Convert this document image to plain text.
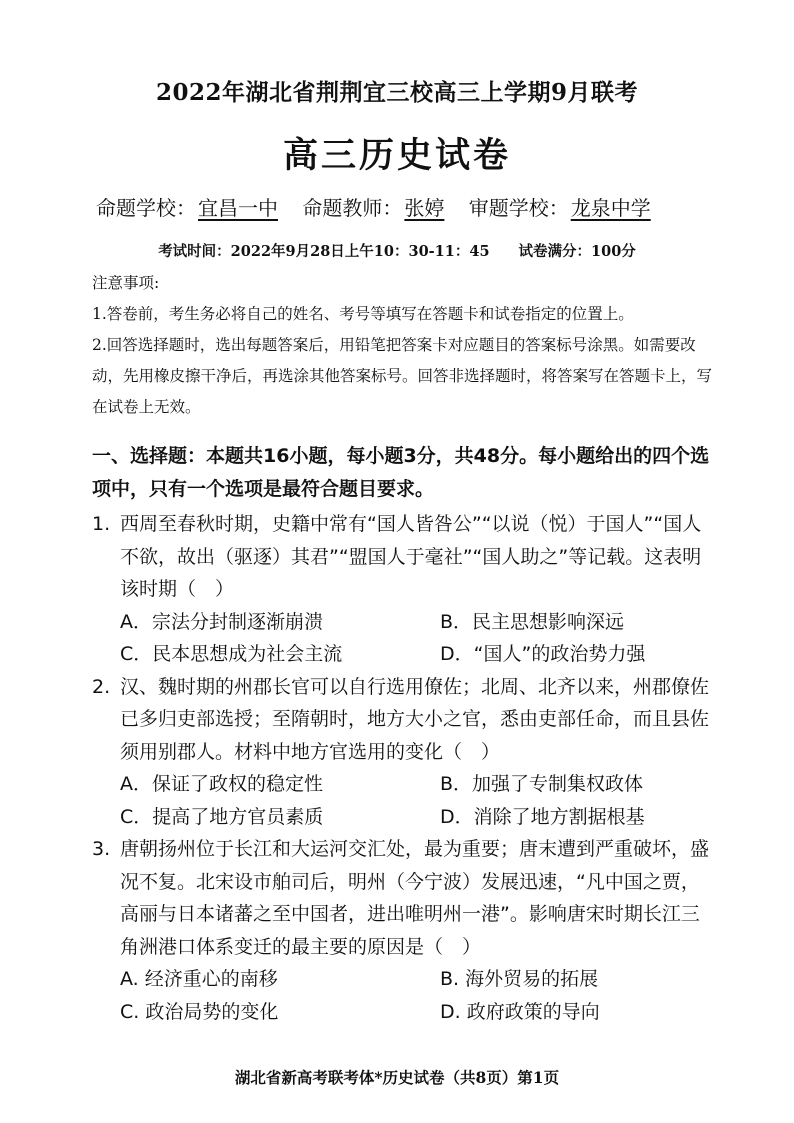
2022年湖北省荆荆宜三校高三上学期9月联考
高三历史试卷
命题学校： 宜昌一中 命题教师： 张婷 审题学校： 龙泉中学
考试时间：2022年9月28日上午10：30-11：45　　试卷满分：100分

注意事项:

1.答卷前，考生务必将自己的姓名、考号等填写在答题卡和试卷指定的位置上。

2.回答选择题时，选出每题答案后，用铅笔把答案卡对应题目的答案标号涂黑。如需要改动，先用橡皮擦干净后，再选涂其他答案标号。回答非选择题时，将答案写在答题卡上，写在试卷上无效。

一、选择题：本题共16小题，每小题3分，共48分。每小题给出的四个选项中，只有一个选项是最符合题目要求。
1. 西周至春秋时期，史籍中常有“国人皆咎公”“以说（悦）于国人”“国人不欲，故出（驱逐）其君”“盟国人于毫社”“国人助之”等记载。这表明该时期（　）
A．宗法分封制逐渐崩溃	B．民主思想影响深远
C．民本思想成为社会主流	D．“国人”的政治势力强
2. 汉、魏时期的州郡长官可以自行选用僚佐；北周、北齐以来，州郡僚佐已多归吏部选授；至隋朝时，地方大小之官，悉由吏部任命，而且县佐须用别郡人。材料中地方官选用的变化（　）
A．保证了政权的稳定性	B．加强了专制集权政体
C．提高了地方官员素质	D．消除了地方割据根基
3. 唐朝扬州位于长江和大运河交汇处，最为重要；唐末遭到严重破坏，盛况不复。北宋设市舶司后，明州（今宁波）发展迅速，“凡中国之贾，高丽与日本诸蕃之至中国者，进出唯明州一港”。影响唐宋时期长江三角洲港口体系变迁的最主要的原因是（　）
A. 经济重心的南移	B. 海外贸易的拓展
C. 政治局势的变化	D. 政府政策的导向
湖北省新高考联考体*历史试卷（共8页）第1页
